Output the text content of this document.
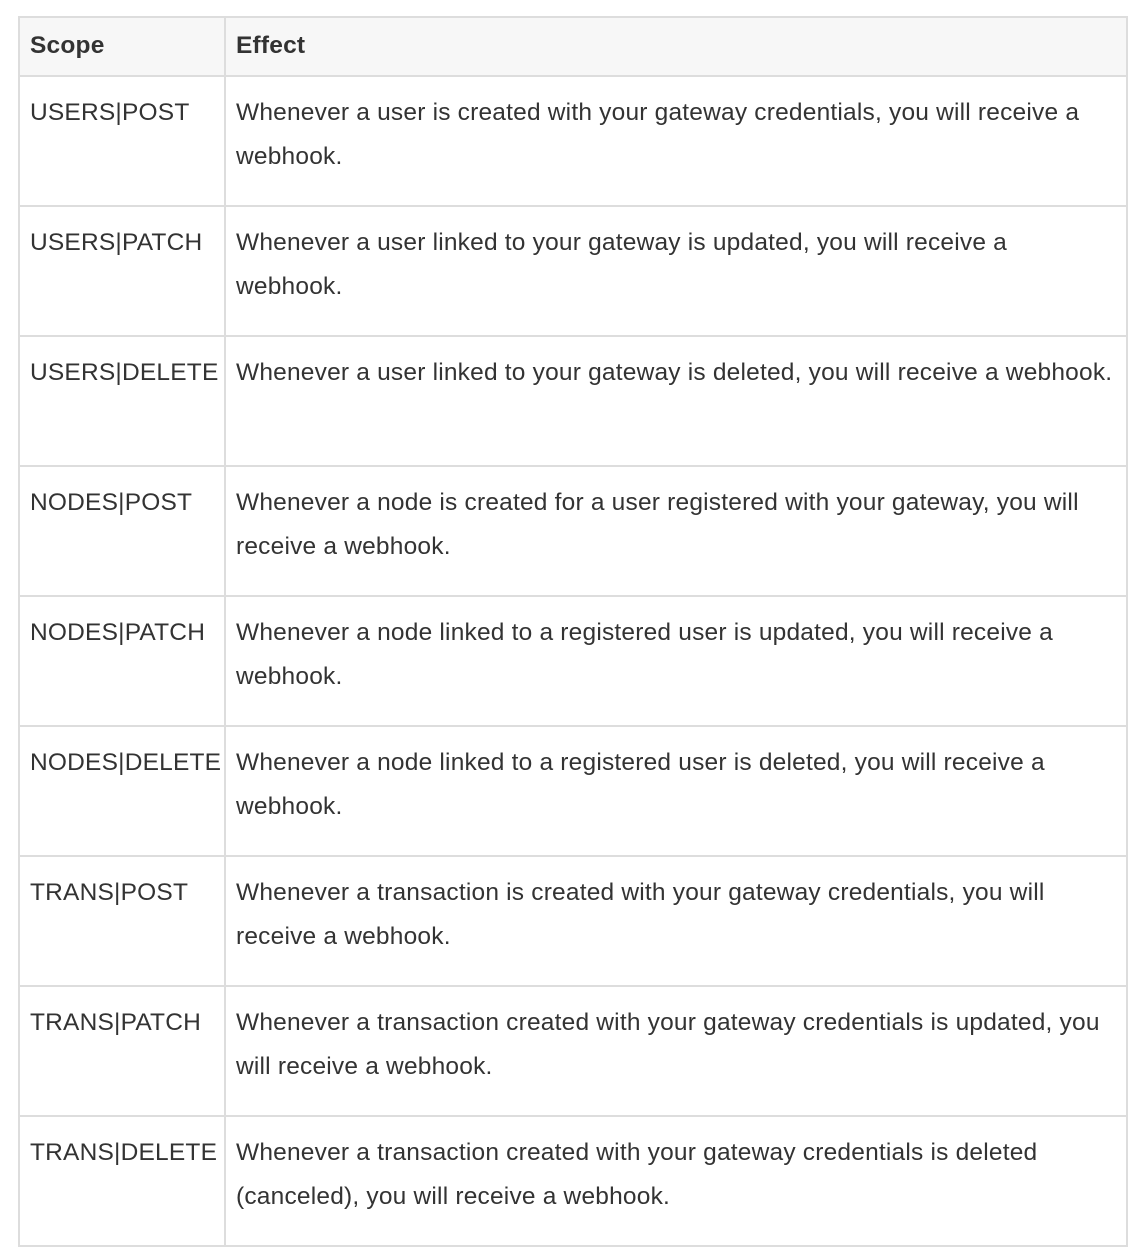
Scope	Effect
USERS|POST	Whenever a user is created with your gateway credentials, you will receive a webhook.
USERS|PATCH	Whenever a user linked to your gateway is updated, you will receive a webhook.
USERS|DELETE	Whenever a user linked to your gateway is deleted, you will receive a webhook.
NODES|POST	Whenever a node is created for a user registered with your gateway, you will receive a webhook.
NODES|PATCH	Whenever a node linked to a registered user is updated, you will receive a webhook.
NODES|DELETE	Whenever a node linked to a registered user is deleted, you will receive a webhook.
TRANS|POST	Whenever a transaction is created with your gateway credentials, you will receive a webhook.
TRANS|PATCH	Whenever a transaction created with your gateway credentials is updated, you will receive a webhook.
TRANS|DELETE	Whenever a transaction created with your gateway credentials is deleted (canceled), you will receive a webhook.
